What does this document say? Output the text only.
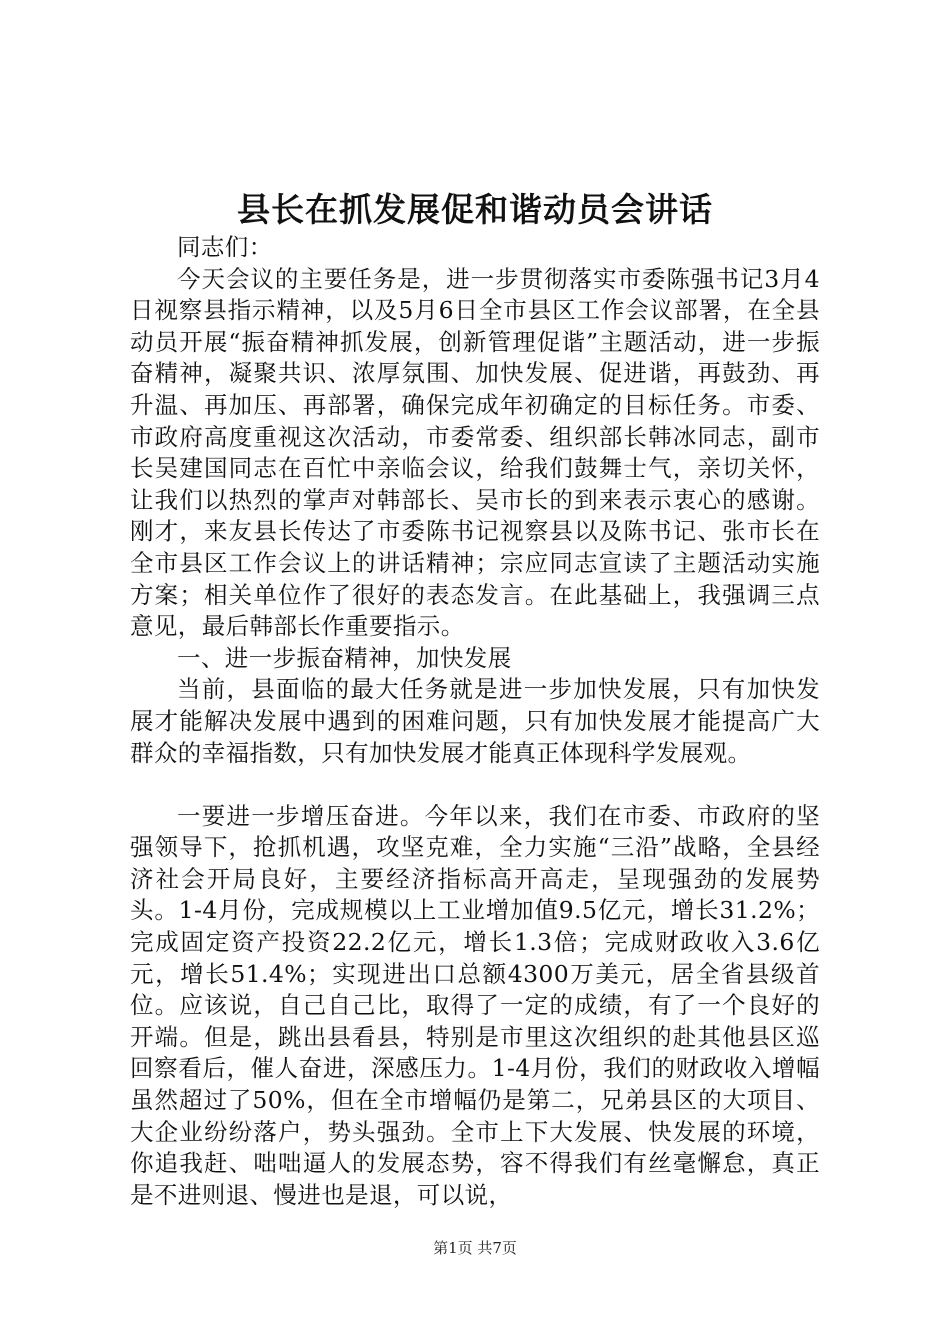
县长在抓发展促和谐动员会讲话

同志们：

今天会议的主要任务是，进一步贯彻落实市委陈强书记3月4日视察县指示精神，以及5月6日全市县区工作会议部署，在全县动员开展“振奋精神抓发展，创新管理促谐”主题活动，进一步振奋精神，凝聚共识、浓厚氛围、加快发展、促进谐，再鼓劲、再升温、再加压、再部署，确保完成年初确定的目标任务。市委、市政府高度重视这次活动，市委常委、组织部长韩冰同志，副市长吴建国同志在百忙中亲临会议，给我们鼓舞士气，亲切关怀，让我们以热烈的掌声对韩部长、吴市长的到来表示衷心的感谢。刚才，来友县长传达了市委陈书记视察县以及陈书记、张市长在全市县区工作会议上的讲话精神；宗应同志宣读了主题活动实施方案；相关单位作了很好的表态发言。在此基础上，我强调三点意见，最后韩部长作重要指示。

一、进一步振奋精神，加快发展

当前，县面临的最大任务就是进一步加快发展，只有加快发展才能解决发展中遇到的困难问题，只有加快发展才能提高广大群众的幸福指数，只有加快发展才能真正体现科学发展观。

一要进一步增压奋进。今年以来，我们在市委、市政府的坚强领导下，抢抓机遇，攻坚克难，全力实施“三沿”战略，全县经济社会开局良好，主要经济指标高开高走，呈现强劲的发展势头。1-4月份，完成规模以上工业增加值9.5亿元，增长31.2%；完成固定资产投资22.2亿元，增长1.3倍；完成财政收入3.6亿元，增长51.4%；实现进出口总额4300万美元，居全省县级首位。应该说，自己自己比，取得了一定的成绩，有了一个良好的开端。但是，跳出县看县，特别是市里这次组织的赴其他县区巡回察看后，催人奋进，深感压力。1-4月份，我们的财政收入增幅虽然超过了50%，但在全市增幅仍是第二，兄弟县区的大项目、大企业纷纷落户，势头强劲。全市上下大发展、快发展的环境，你追我赶、咄咄逼人的发展态势，容不得我们有丝毫懈怠，真正是不进则退、慢进也是退，可以说，

第1页 共7页
